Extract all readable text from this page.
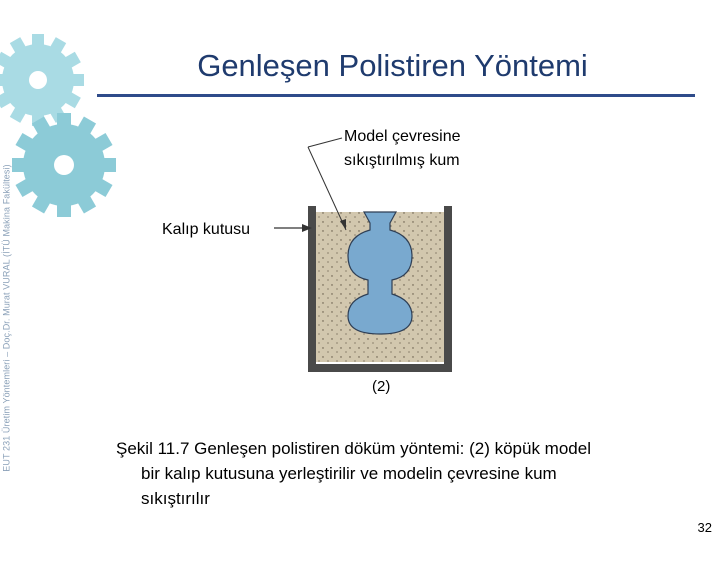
EUT 231 Üretim Yöntemleri – Doç.Dr. Murat VURAL (İTÜ Makina Fakültesi)
Genleşen Polistiren Yöntemi
Model çevresine
sıkıştırılmış kum
Kalıp kutusu
(2)
Şekil 11.7 Genleşen polistiren döküm yöntemi: (2) köpük model
bir kalıp kutusuna yerleştirilir ve modelin çevresine kum
sıkıştırılır
32
